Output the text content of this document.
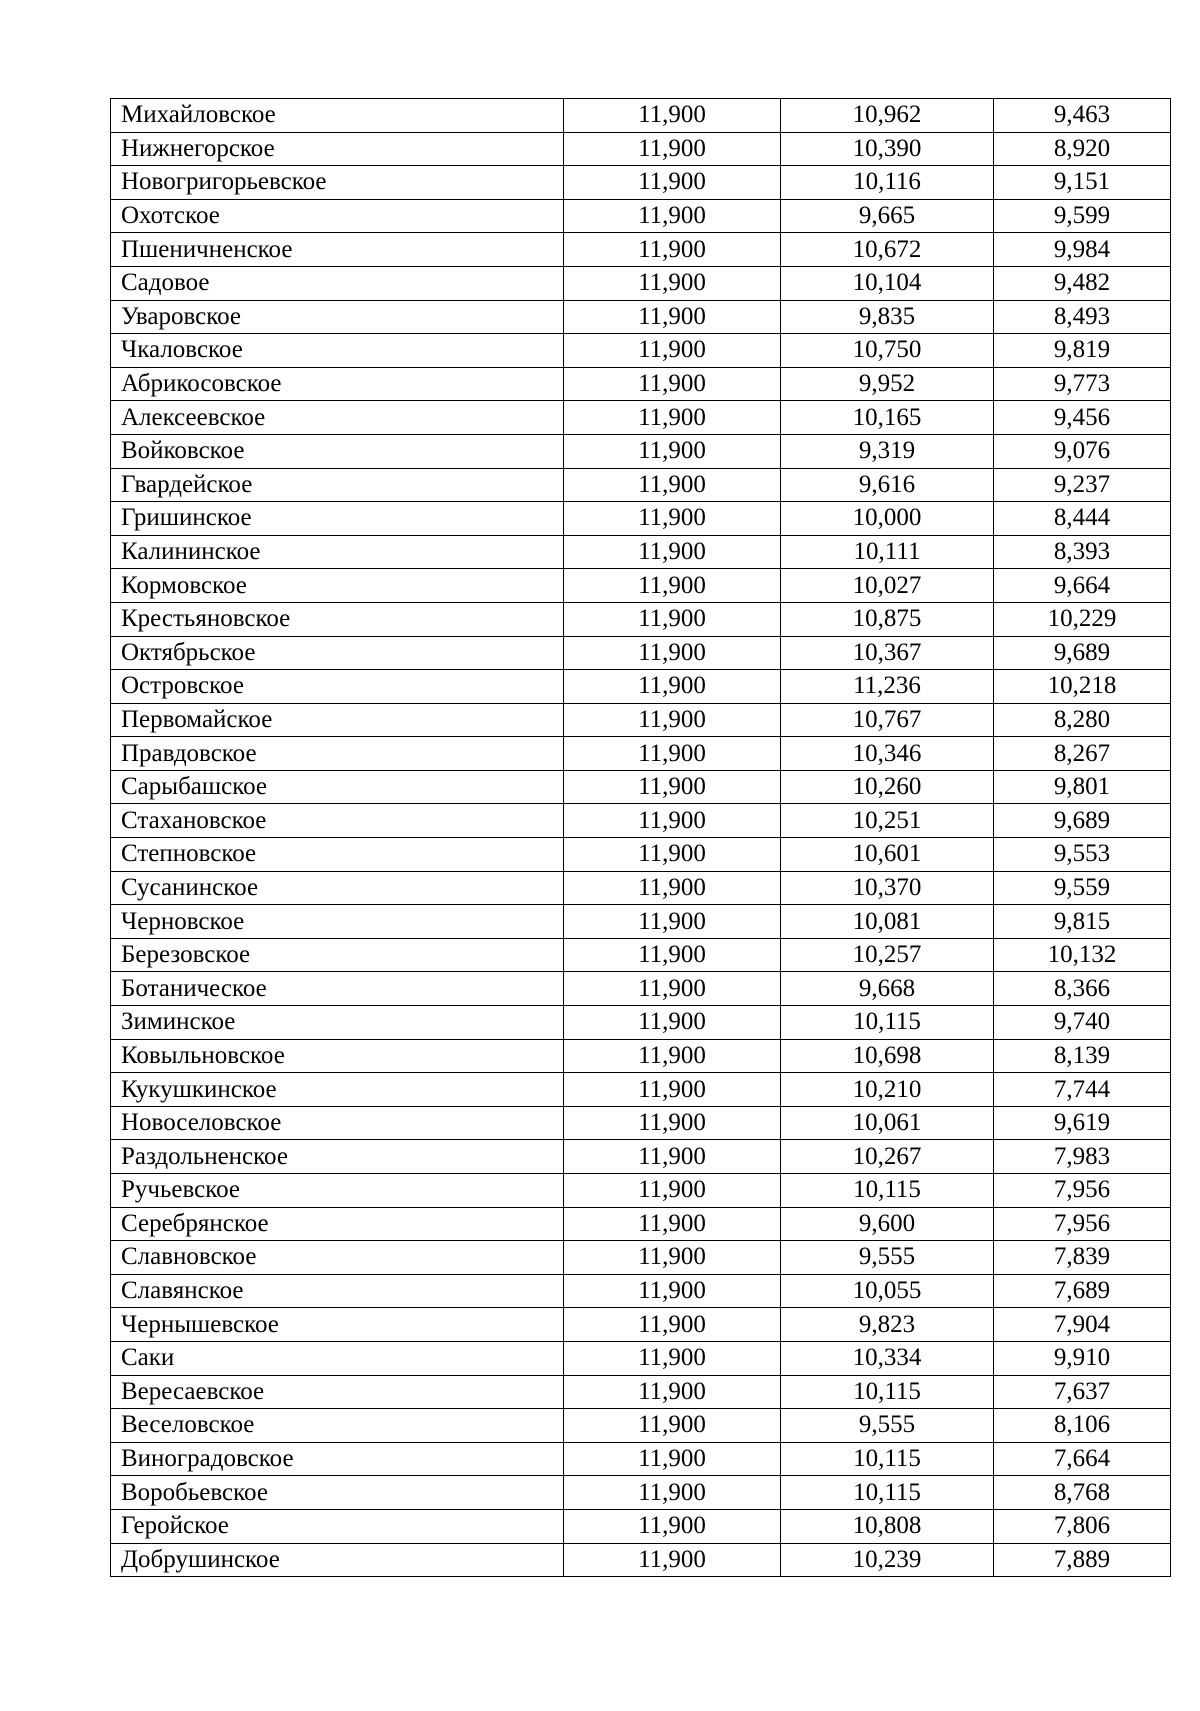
Михайловское	11,900	10,962	9,463
Нижнегорское	11,900	10,390	8,920
Новогригорьевское	11,900	10,116	9,151
Охотское	11,900	9,665	9,599
Пшеничненское	11,900	10,672	9,984
Садовое	11,900	10,104	9,482
Уваровское	11,900	9,835	8,493
Чкаловское	11,900	10,750	9,819
Абрикосовское	11,900	9,952	9,773
Алексеевское	11,900	10,165	9,456
Войковское	11,900	9,319	9,076
Гвардейское	11,900	9,616	9,237
Гришинское	11,900	10,000	8,444
Калининское	11,900	10,111	8,393
Кормовское	11,900	10,027	9,664
Крестьяновское	11,900	10,875	10,229
Октябрьское	11,900	10,367	9,689
Островское	11,900	11,236	10,218
Первомайское	11,900	10,767	8,280
Правдовское	11,900	10,346	8,267
Сарыбашское	11,900	10,260	9,801
Стахановское	11,900	10,251	9,689
Степновское	11,900	10,601	9,553
Сусанинское	11,900	10,370	9,559
Черновское	11,900	10,081	9,815
Березовское	11,900	10,257	10,132
Ботаническое	11,900	9,668	8,366
Зиминское	11,900	10,115	9,740
Ковыльновское	11,900	10,698	8,139
Кукушкинское	11,900	10,210	7,744
Новоселовское	11,900	10,061	9,619
Раздольненское	11,900	10,267	7,983
Ручьевское	11,900	10,115	7,956
Серебрянское	11,900	9,600	7,956
Славновское	11,900	9,555	7,839
Славянское	11,900	10,055	7,689
Чернышевское	11,900	9,823	7,904
Саки	11,900	10,334	9,910
Вересаевское	11,900	10,115	7,637
Веселовское	11,900	9,555	8,106
Виноградовское	11,900	10,115	7,664
Воробьевское	11,900	10,115	8,768
Геройское	11,900	10,808	7,806
Добрушинское	11,900	10,239	7,889
